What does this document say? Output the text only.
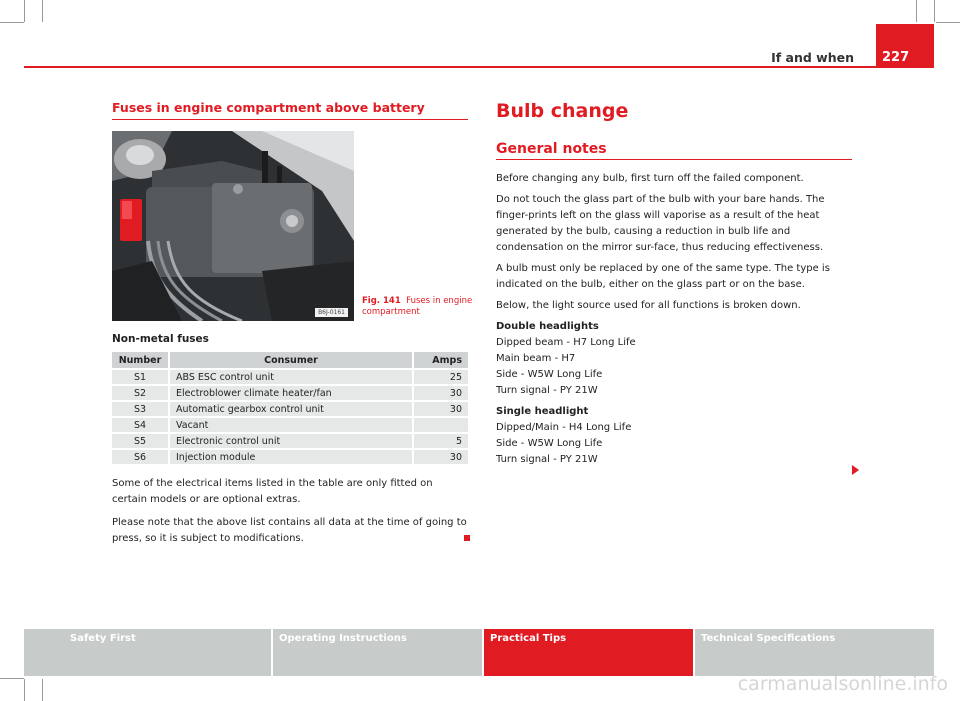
227
If and when
Fuses in engine compartment above battery
B6J-0161
Fig. 141 Fuses in engine
compartment
Non-metal fuses
Number	Consumer	Amps
S1	ABS ESC control unit	25
S2	Electroblower climate heater/fan	30
S3	Automatic gearbox control unit	30
S4	Vacant	
S5	Electronic control unit	5
S6	Injection module	30
Some of the electrical items listed in the table are only fitted on certain models or are optional extras.
Please note that the above list contains all data at the time of going to press, so it is subject to modifications.
Bulb change
General notes

Before changing any bulb, first turn off the failed component.

Do not touch the glass part of the bulb with your bare hands. The finger-prints left on the glass will vaporise as a result of the heat generated by the bulb, causing a reduction in bulb life and condensation on the mirror sur-face, thus reducing effectiveness.

A bulb must only be replaced by one of the same type. The type is indicated on the bulb, either on the glass part or on the base.

Below, the light source used for all functions is broken down.

Double headlights

Dipped beam - H7 Long Life

Main beam - H7

Side - W5W Long Life

Turn signal - PY 21W

Single headlight

Dipped/Main - H4 Long Life

Side - W5W Long Life

Turn signal - PY 21W

Safety First	Operating Instructions	Practical Tips	Technical Specifications
carmanualsonline.info
